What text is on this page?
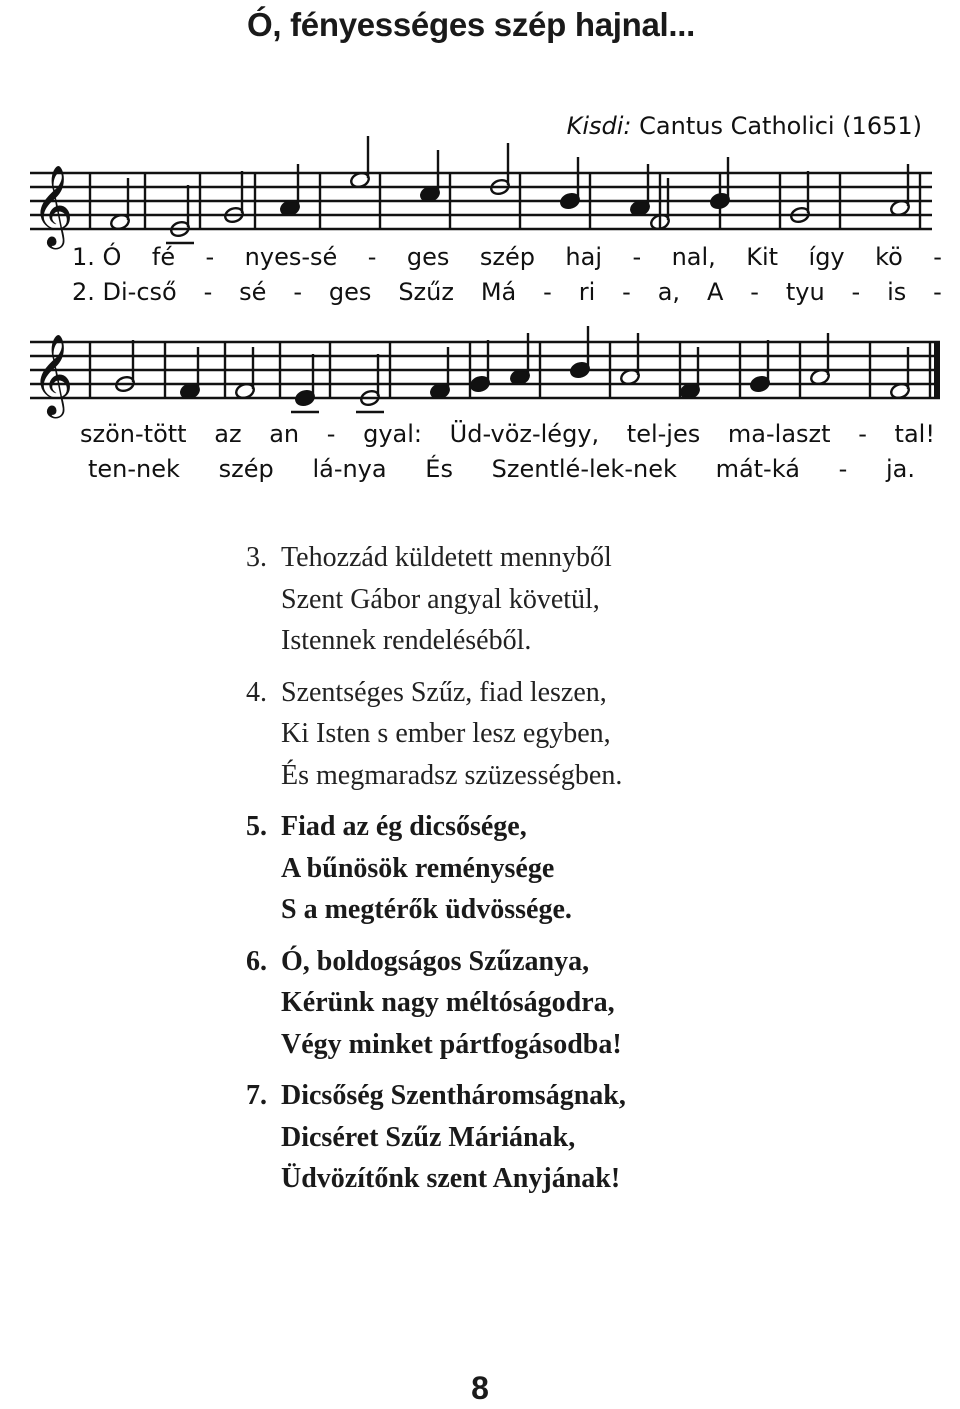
Ó, fényességes szép hajnal...
Kisdi: Cantus Catholici (1651)
𝄞
𝄞
1. Ó fé - nyes-sé - ges szép haj - nal, Kit így kö -
2. Di-cső - sé - ges Szűz Má - ri - a, A - tyu - is -
szön-tött az an - gyal: Üd-vöz-légy, tel-jes ma-laszt - tal!
ten-nek szép lá-nya És Szentlé-lek-nek mát-ká - ja.
3. Tehozzád küldetett mennyből
Szent Gábor angyal követül,
Istennek rendeléséből.
4. Szentséges Szűz, fiad leszen,
Ki Isten s ember lesz egyben,
És megmaradsz szüzességben.
5. Fiad az ég dicsősége,
A bűnösök reménysége
S a megtérők üdvössége.
6. Ó, boldogságos Szűzanya,
Kérünk nagy méltóságodra,
Végy minket pártfogásodba!
7. Dicsőség Szentháromságnak,
Dicséret Szűz Máriának,
Üdvözítőnk szent Anyjának!
8
